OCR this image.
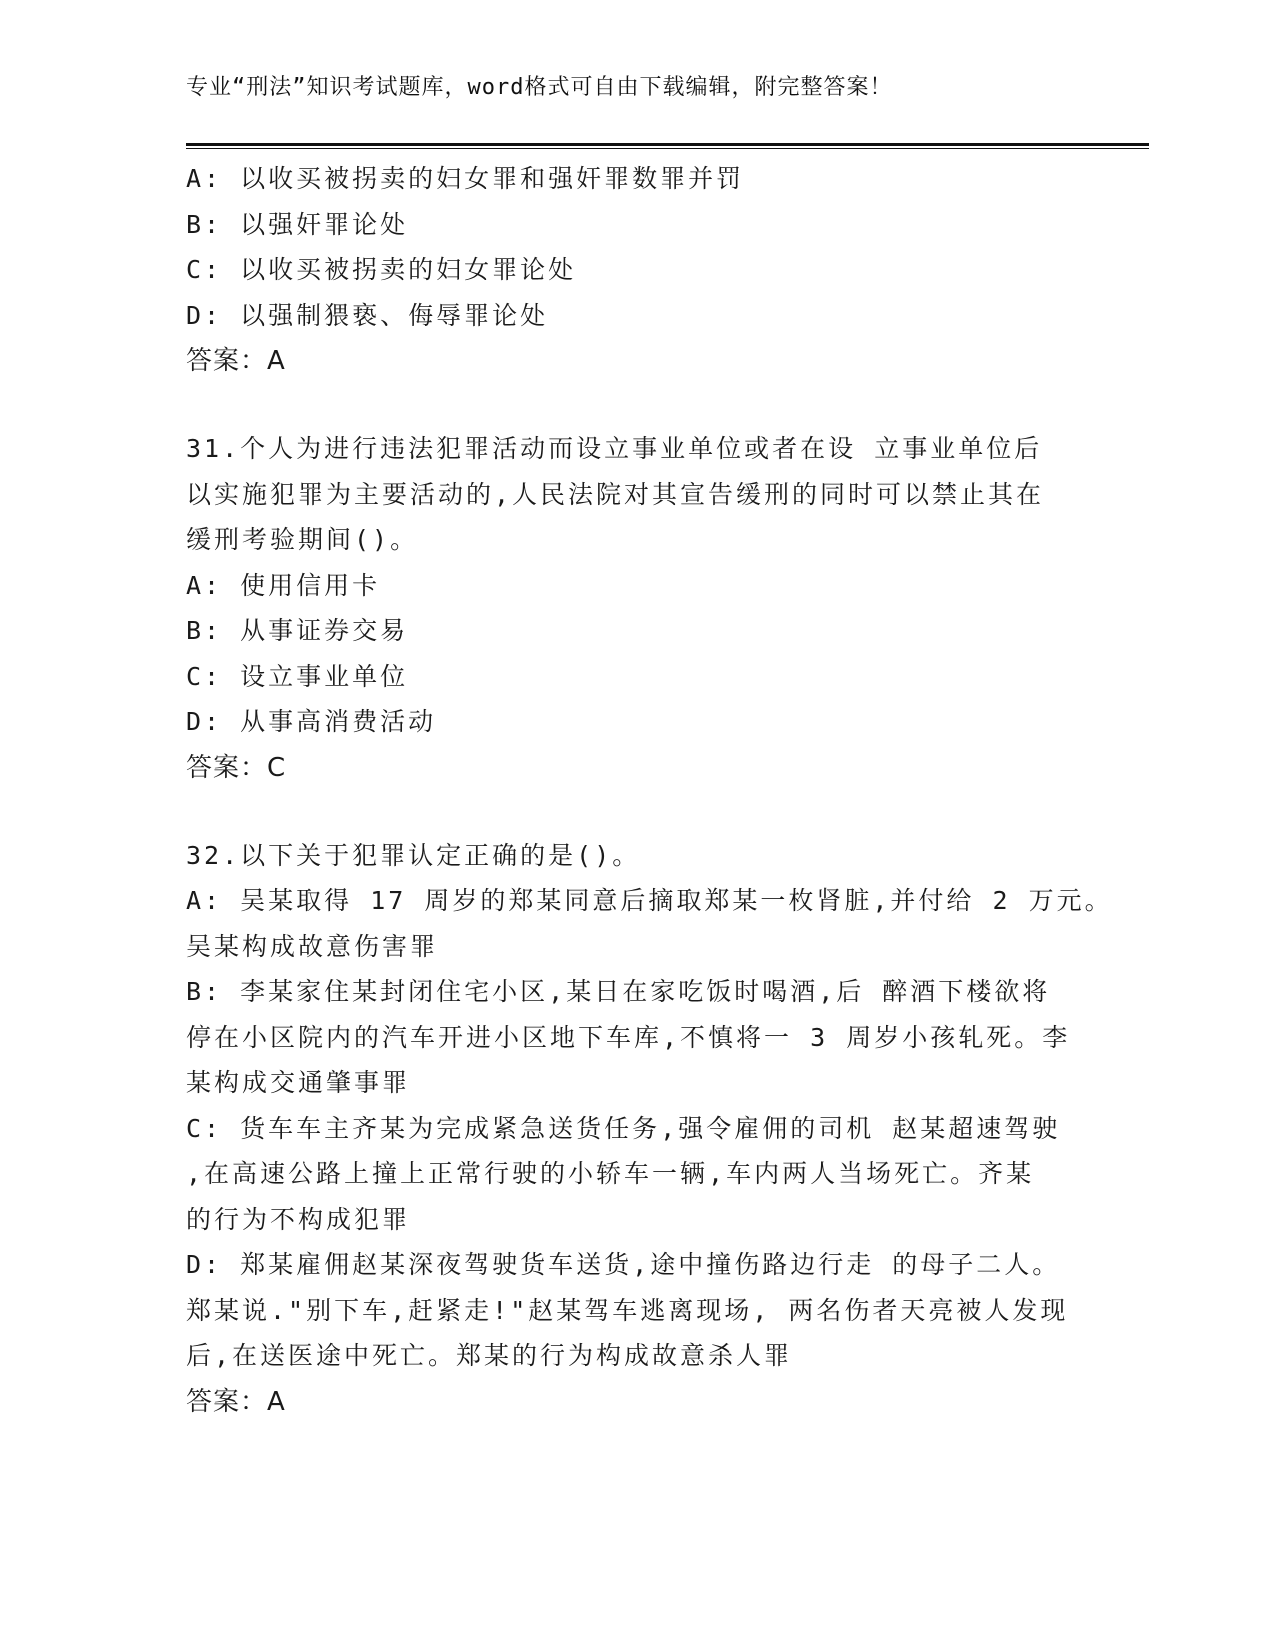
专业“刑法”知识考试题库，word格式可自由下载编辑，附完整答案！
A: 以收买被拐卖的妇女罪和强奸罪数罪并罚
B: 以强奸罪论处
C: 以收买被拐卖的妇女罪论处
D: 以强制猥亵、侮辱罪论处
答案：A
31.个人为进行违法犯罪活动而设立事业单位或者在设 立事业单位后
以实施犯罪为主要活动的,人民法院对其宣告缓刑的同时可以禁止其在
缓刑考验期间()。
A: 使用信用卡
B: 从事证券交易
C: 设立事业单位
D: 从事高消费活动
答案：C
32.以下关于犯罪认定正确的是()。
A: 吴某取得 17 周岁的郑某同意后摘取郑某一枚肾脏,并付给 2 万元。
吴某构成故意伤害罪
B: 李某家住某封闭住宅小区,某日在家吃饭时喝酒,后 醉酒下楼欲将
停在小区院内的汽车开进小区地下车库,不慎将一 3 周岁小孩轧死。李
某构成交通肇事罪
C: 货车车主齐某为完成紧急送货任务,强令雇佣的司机 赵某超速驾驶
,在高速公路上撞上正常行驶的小轿车一辆,车内两人当场死亡。齐某
的行为不构成犯罪
D: 郑某雇佣赵某深夜驾驶货车送货,途中撞伤路边行走 的母子二人。
郑某说."别下车,赶紧走!"赵某驾车逃离现场, 两名伤者天亮被人发现
后,在送医途中死亡。郑某的行为构成故意杀人罪
答案：A
